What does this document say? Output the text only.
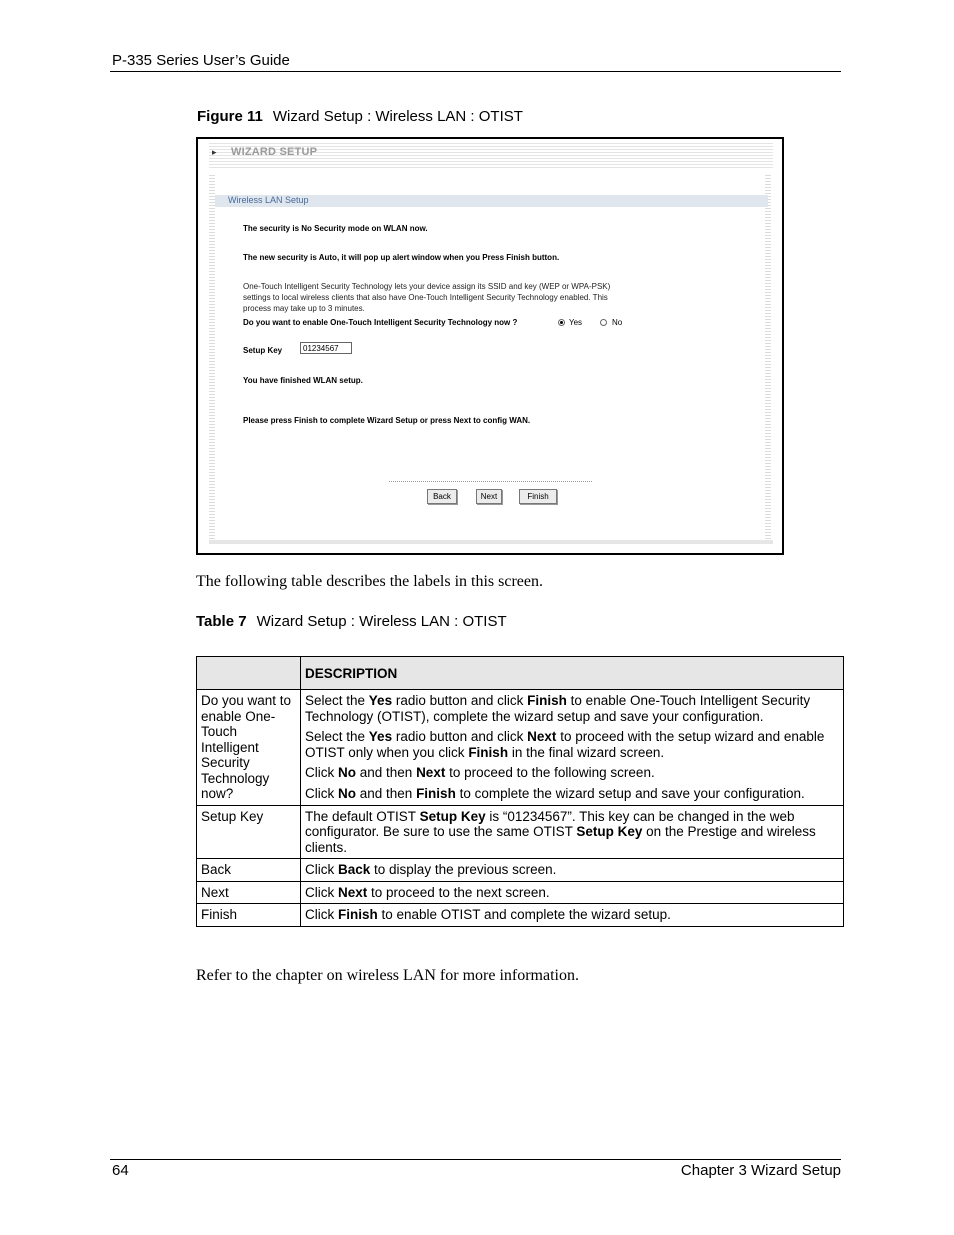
P-335 Series User’s Guide
Figure 11 Wizard Setup : Wireless LAN : OTIST
▸ WIZARD SETUP
Wireless LAN Setup
The security is No Security mode on WLAN now.
The new security is Auto, it will pop up alert window when you Press Finish button.
One-Touch Intelligent Security Technology lets your device assign its SSID and key (WEP or WPA-PSK)
settings to local wireless clients that also have One-Touch Intelligent Security Technology enabled. This
process may take up to 3 minutes.
Do you want to enable One-Touch Intelligent Security Technology now ?	Yes	No
Setup Key	01234567
You have finished WLAN setup.
Please press Finish to complete Wizard Setup or press Next to config WAN.
Back	Next	Finish
The following table describes the labels in this screen.
Table 7 Wizard Setup : Wireless LAN : OTIST
	DESCRIPTION
Do you want to enable One-Touch Intelligent Security Technology now?	Select the Yes radio button and click Finish to enable One-Touch Intelligent Security Technology (OTIST), complete the wizard setup and save your configuration.

Select the Yes radio button and click Next to proceed with the setup wizard and enable OTIST only when you click Finish in the final wizard screen.

Click No and then Next to proceed to the following screen.

Click No and then Finish to complete the wizard setup and save your configuration.

Setup Key	The default OTIST Setup Key is “01234567”. This key can be changed in the web configurator. Be sure to use the same OTIST Setup Key on the Prestige and wireless clients.
Back	Click Back to display the previous screen.
Next	Click Next to proceed to the next screen.
Finish	Click Finish to enable OTIST and complete the wizard setup.
Refer to the chapter on wireless LAN for more information.
64	Chapter 3 Wizard Setup
